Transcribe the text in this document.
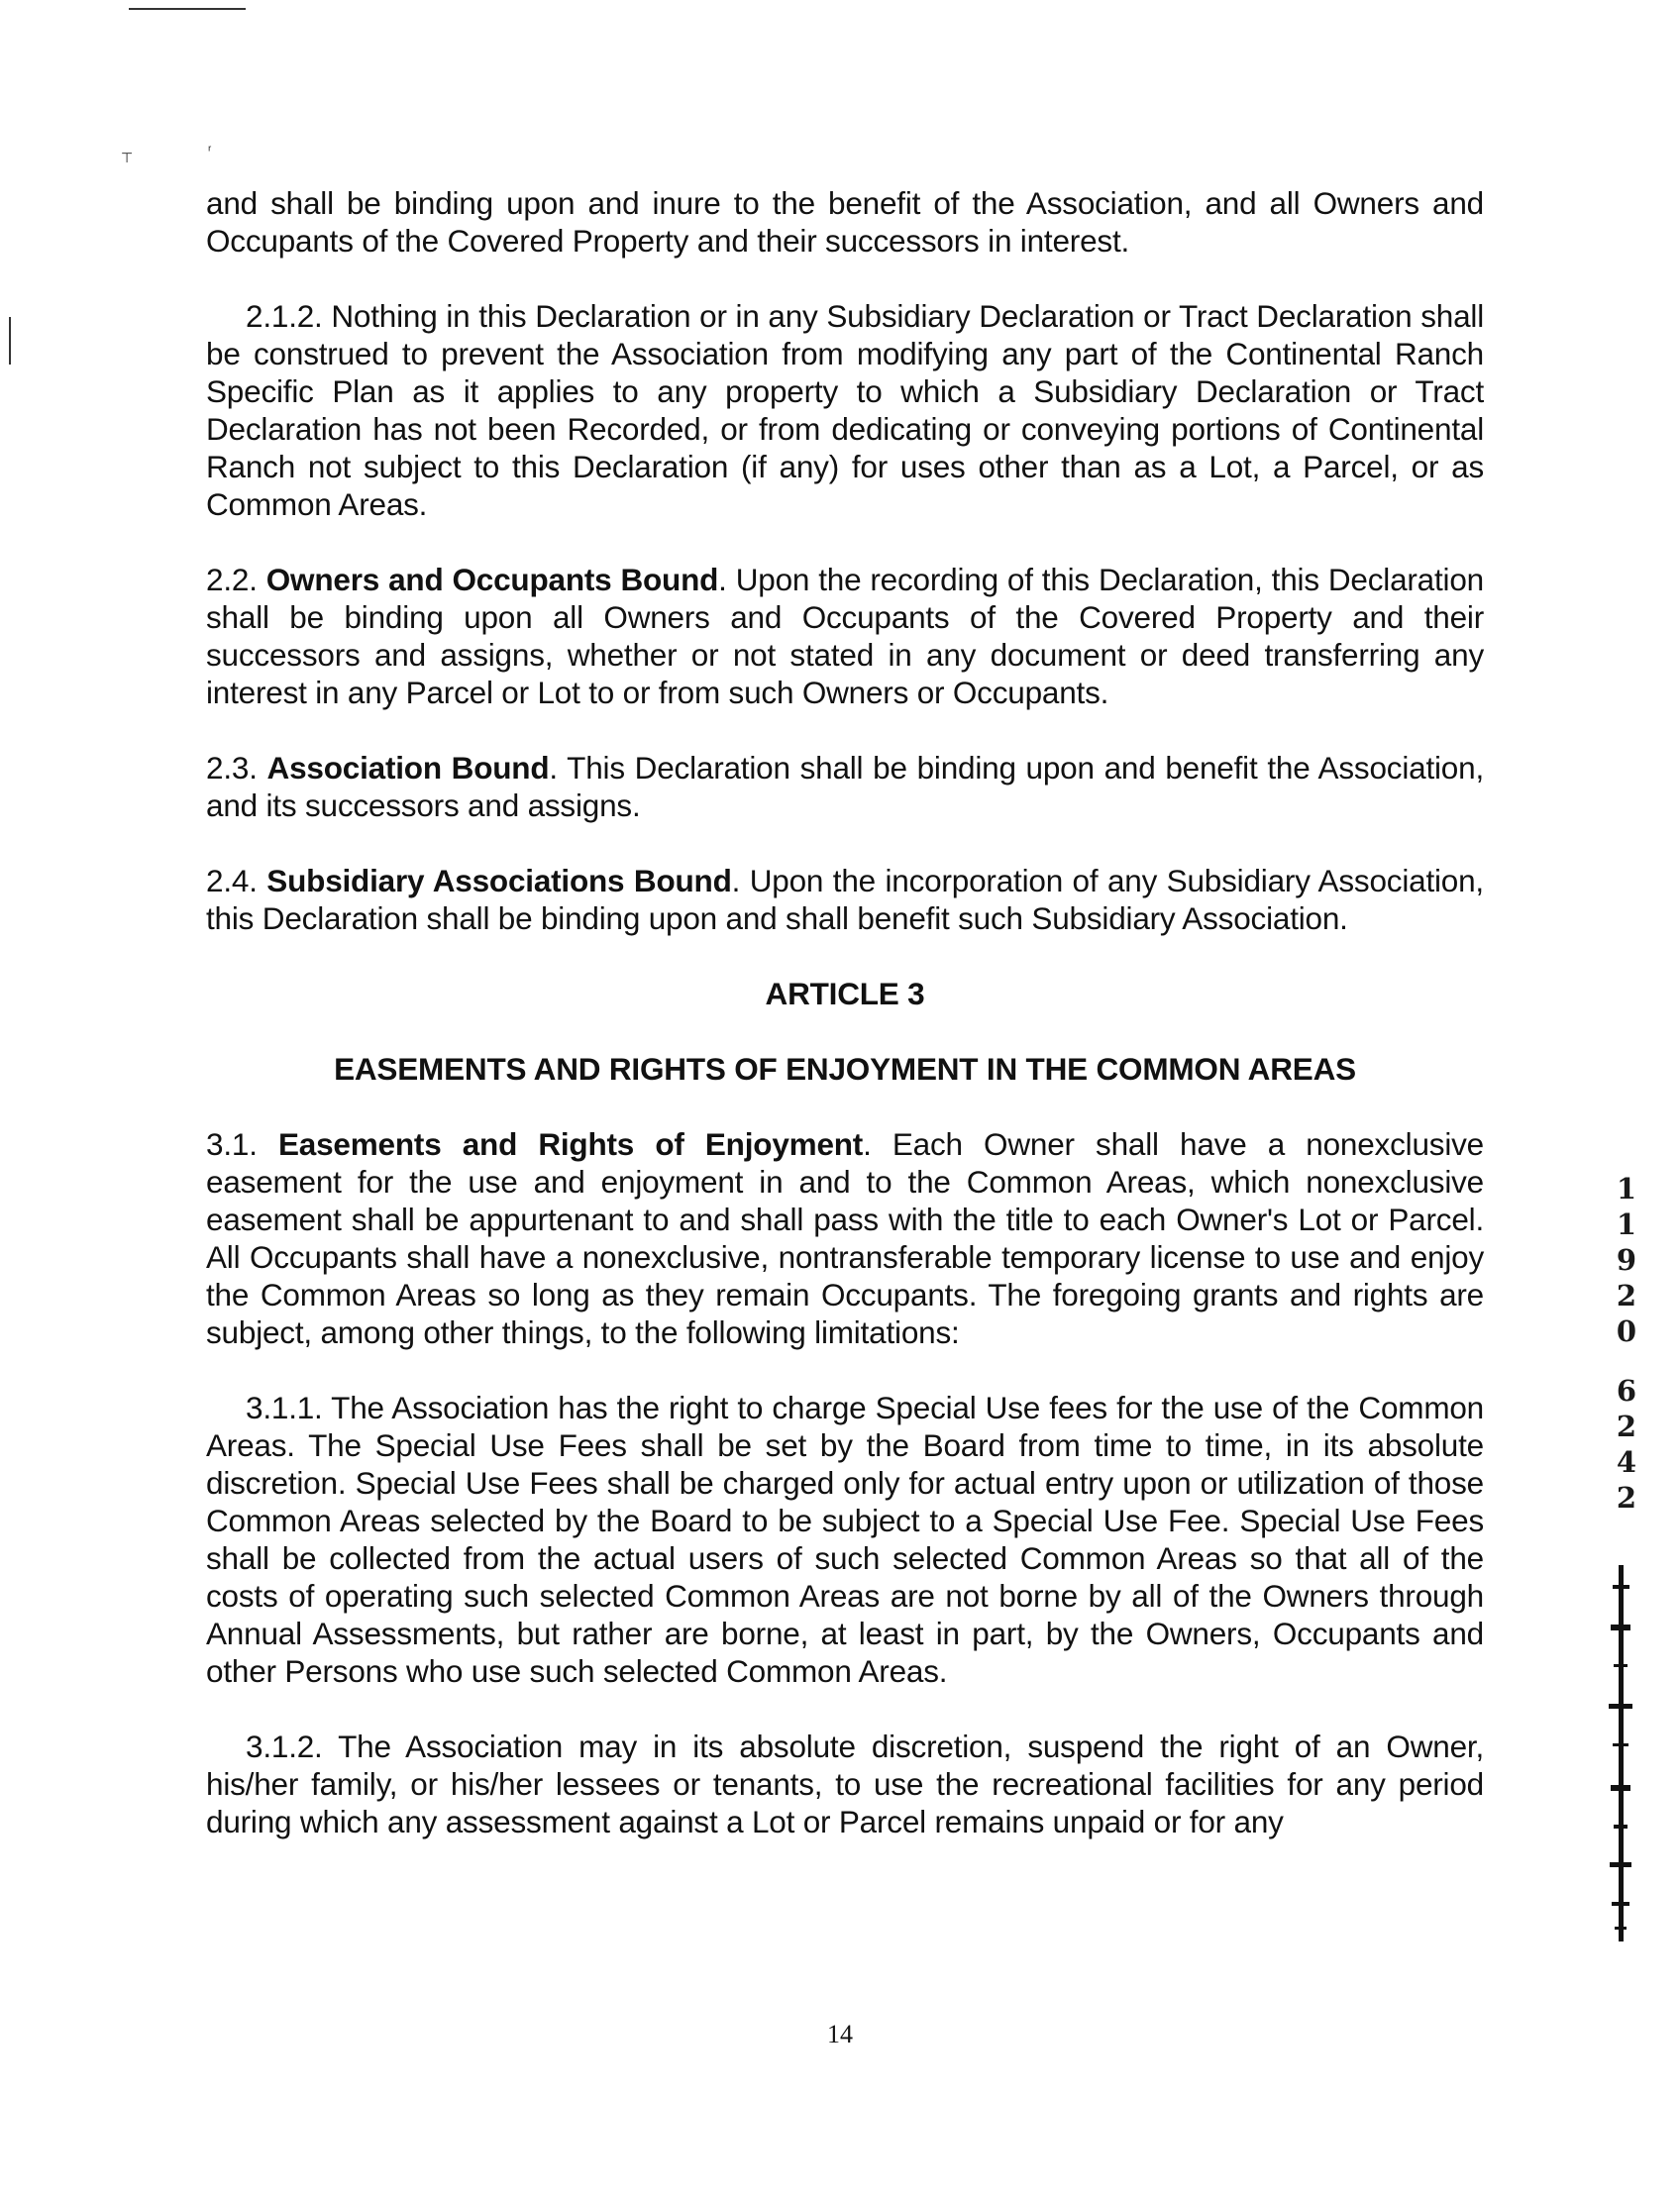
⊤	ʳ

and shall be binding upon and inure to the benefit of the Association, and all Owners and Occupants of the Covered Property and their successors in interest.

2.1.2. Nothing in this Declaration or in any Subsidiary Declaration or Tract Declaration shall be construed to prevent the Association from modifying any part of the Continental Ranch Specific Plan as it applies to any property to which a Subsidiary Declaration or Tract Declaration has not been Recorded, or from dedicating or conveying portions of Continental Ranch not subject to this Declaration (if any) for uses other than as a Lot, a Parcel, or as Common Areas.

2.2. Owners and Occupants Bound. Upon the recording of this Declaration, this Declaration shall be binding upon all Owners and Occupants of the Covered Property and their successors and assigns, whether or not stated in any document or deed transferring any interest in any Parcel or Lot to or from such Owners or Occupants.

2.3. Association Bound. This Declaration shall be binding upon and benefit the Association, and its successors and assigns.

2.4. Subsidiary Associations Bound. Upon the incorporation of any Subsidiary Association, this Declaration shall be binding upon and shall benefit such Subsidiary Association.

ARTICLE 3
EASEMENTS AND RIGHTS OF ENJOYMENT IN THE COMMON AREAS

3.1. Easements and Rights of Enjoyment. Each Owner shall have a nonexclusive easement for the use and enjoyment in and to the Common Areas, which nonexclusive easement shall be appurtenant to and shall pass with the title to each Owner's Lot or Parcel. All Occupants shall have a nonexclusive, nontransferable temporary license to use and enjoy the Common Areas so long as they remain Occupants. The foregoing grants and rights are subject, among other things, to the following limitations:

3.1.1. The Association has the right to charge Special Use fees for the use of the Common Areas. The Special Use Fees shall be set by the Board from time to time, in its absolute discretion. Special Use Fees shall be charged only for actual entry upon or utilization of those Common Areas selected by the Board to be subject to a Special Use Fee. Special Use Fees shall be collected from the actual users of such selected Common Areas so that all of the costs of operating such selected Common Areas are not borne by all of the Owners through Annual Assessments, but rather are borne, at least in part, by the Owners, Occupants and other Persons who use such selected Common Areas.

3.1.2. The Association may in its absolute discretion, suspend the right of an Owner, his/her family, or his/her lessees or tenants, to use the recreational facilities for any period during which any assessment against a Lot or Parcel remains unpaid or for any

1
1
9
2
0
6
2
4
2
14
